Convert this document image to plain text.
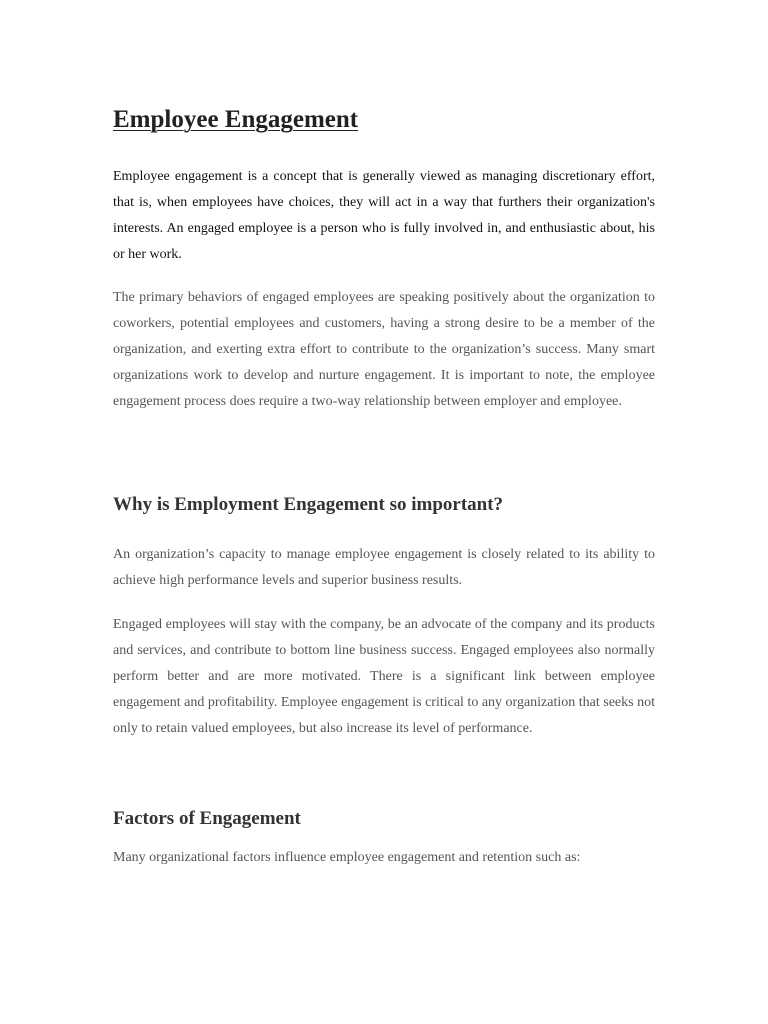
Employee Engagement

Employee engagement is a concept that is generally viewed as managing discretionary effort, that is, when employees have choices, they will act in a way that furthers their organization's interests. An engaged employee is a person who is fully involved in, and enthusiastic about, his or her work.

The primary behaviors of engaged employees are speaking positively about the organization to coworkers, potential employees and customers, having a strong desire to be a member of the organization, and exerting extra effort to contribute to the organization’s success. Many smart organizations work to develop and nurture engagement. It is important to note, the employee engagement process does require a two-way relationship between employer and employee.

Why is Employment Engagement so important?

An organization’s capacity to manage employee engagement is closely related to its ability to achieve high performance levels and superior business results.

Engaged employees will stay with the company, be an advocate of the company and its products and services, and contribute to bottom line business success. Engaged employees also normally perform better and are more motivated. There is a significant link between employee engagement and profitability. Employee engagement is critical to any organization that seeks not only to retain valued employees, but also increase its level of performance.

Factors of Engagement

Many organizational factors influence employee engagement and retention such as:
